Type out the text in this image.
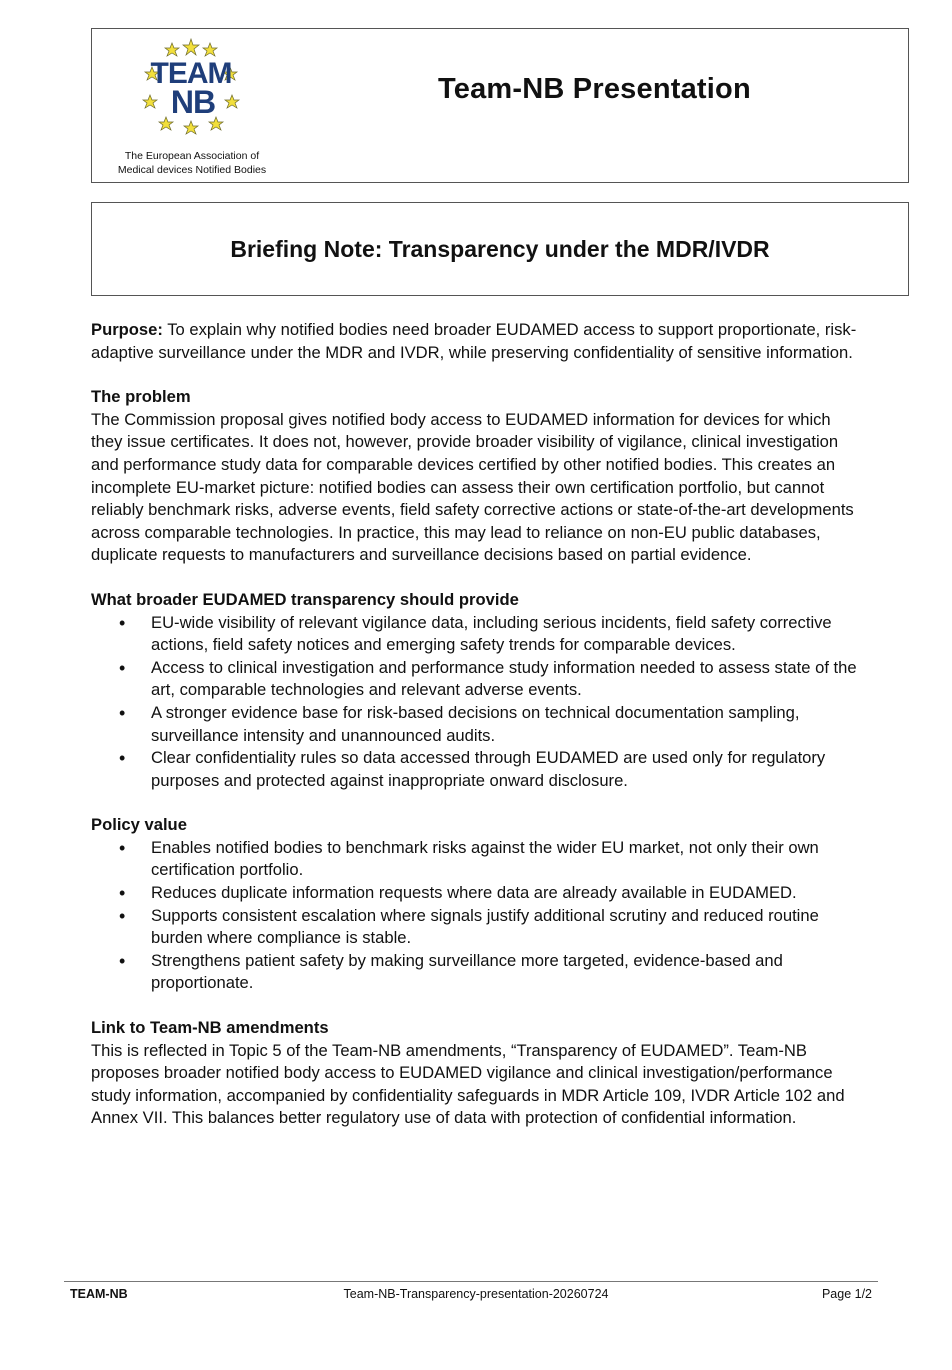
TEAM
NB
The European Association of
Medical devices Notified Bodies
Team-NB Presentation
Briefing Note: Transparency under the MDR/IVDR

Purpose: To explain why notified bodies need broader EUDAMED access to support proportionate, risk-adaptive surveillance under the MDR and IVDR, while preserving confidentiality of sensitive information.

The problem

The Commission proposal gives notified body access to EUDAMED information for devices for which they issue certificates. It does not, however, provide broader visibility of vigilance, clinical investigation and performance study data for comparable devices certified by other notified bodies. This creates an incomplete EU-market picture: notified bodies can assess their own certification portfolio, but cannot reliably benchmark risks, adverse events, field safety corrective actions or state-of-the-art developments across comparable technologies. In practice, this may lead to reliance on non-EU public databases, duplicate requests to manufacturers and surveillance decisions based on partial evidence.

What broader EUDAMED transparency should provide

• EU-wide visibility of relevant vigilance data, including serious incidents, field safety corrective actions, field safety notices and emerging safety trends for comparable devices.
• Access to clinical investigation and performance study information needed to assess state of the art, comparable technologies and relevant adverse events.
• A stronger evidence base for risk-based decisions on technical documentation sampling, surveillance intensity and unannounced audits.
• Clear confidentiality rules so data accessed through EUDAMED are used only for regulatory purposes and protected against inappropriate onward disclosure.

Policy value

• Enables notified bodies to benchmark risks against the wider EU market, not only their own certification portfolio.
• Reduces duplicate information requests where data are already available in EUDAMED.
• Supports consistent escalation where signals justify additional scrutiny and reduced routine burden where compliance is stable.
• Strengthens patient safety by making surveillance more targeted, evidence-based and proportionate.

Link to Team-NB amendments

This is reflected in Topic 5 of the Team-NB amendments, “Transparency of EUDAMED”. Team-NB proposes broader notified body access to EUDAMED vigilance and clinical investigation/performance study information, accompanied by confidentiality safeguards in MDR Article 109, IVDR Article 102 and Annex VII. This balances better regulatory use of data with protection of confidential information.

TEAM-NB	Team-NB-Transparency-presentation-20260724	Page 1/2
